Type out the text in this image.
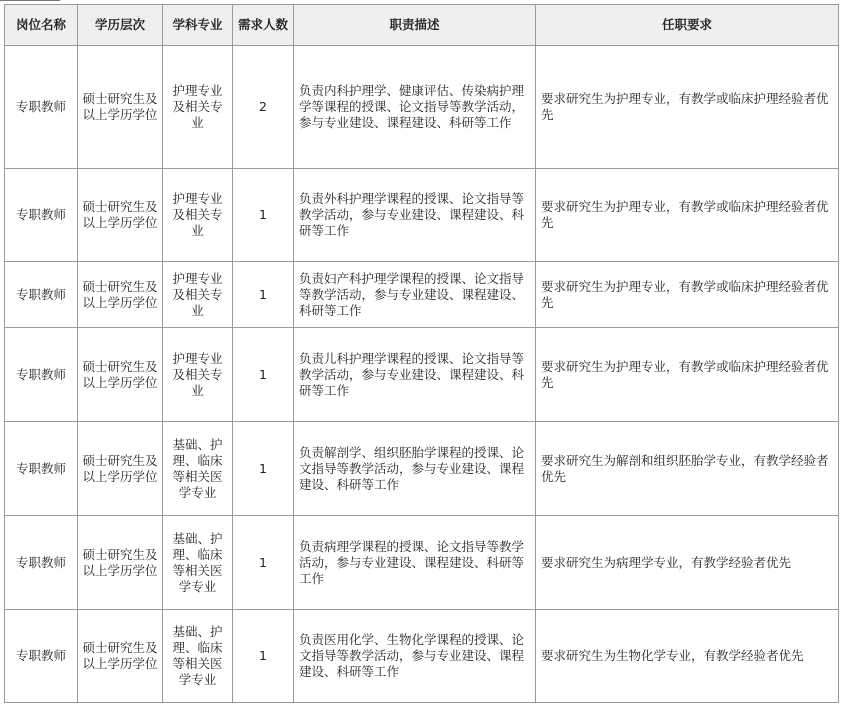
岗位名称	学历层次	学科专业	需求人数	职责描述	任职要求
专职教师	硕士研究生及以上学历学位	护理专业及相关专业	2	负责内科护理学、健康评估、传染病护理学等课程的授课、论文指导等教学活动，参与专业建设、课程建设、科研等工作	要求研究生为护理专业，有教学或临床护理经验者优先
专职教师	硕士研究生及以上学历学位	护理专业及相关专业	1	负责外科护理学课程的授课、论文指导等教学活动，参与专业建设、课程建设、科研等工作	要求研究生为护理专业，有教学或临床护理经验者优先
专职教师	硕士研究生及以上学历学位	护理专业及相关专业	1	负责妇产科护理学课程的授课、论文指导等教学活动，参与专业建设、课程建设、科研等工作	要求研究生为护理专业，有教学或临床护理经验者优先
专职教师	硕士研究生及以上学历学位	护理专业及相关专业	1	负责儿科护理学课程的授课、论文指导等教学活动，参与专业建设、课程建设、科研等工作	要求研究生为护理专业，有教学或临床护理经验者优先
专职教师	硕士研究生及以上学历学位	基础、护理、临床等相关医学专业	1	负责解剖学、组织胚胎学课程的授课、论文指导等教学活动，参与专业建设、课程建设、科研等工作	要求研究生为解剖和组织胚胎学专业，有教学经验者优先
专职教师	硕士研究生及以上学历学位	基础、护理、临床等相关医学专业	1	负责病理学课程的授课、论文指导等教学活动，参与专业建设、课程建设、科研等工作	要求研究生为病理学专业，有教学经验者优先
专职教师	硕士研究生及以上学历学位	基础、护理、临床等相关医学专业	1	负责医用化学、生物化学课程的授课、论文指导等教学活动，参与专业建设、课程建设、科研等工作	要求研究生为生物化学专业，有教学经验者优先
